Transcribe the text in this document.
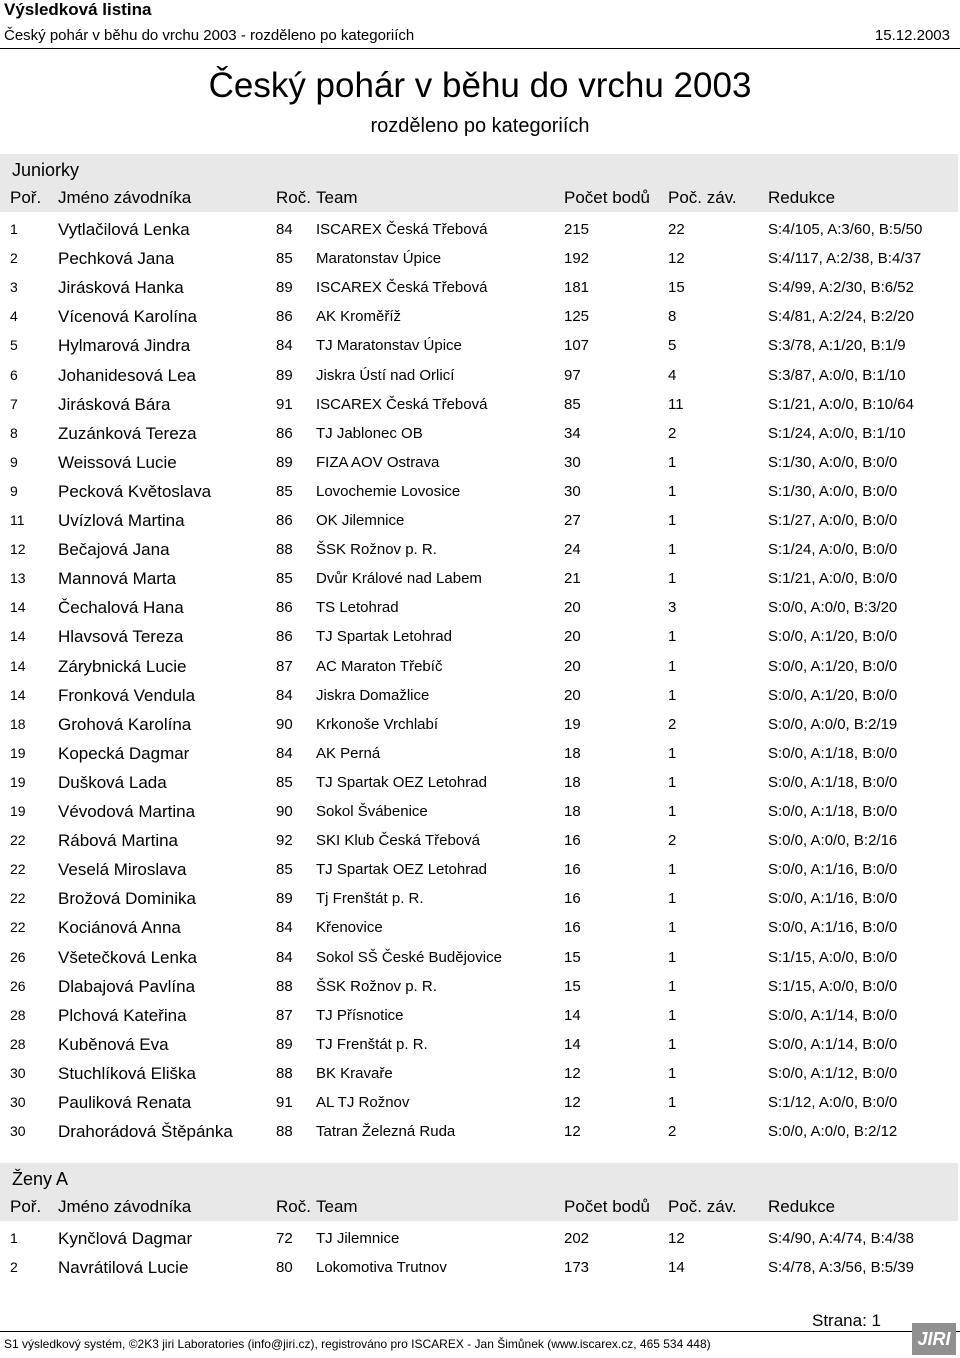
Výsledková listina
Český pohár v běhu do vrchu 2003 - rozděleno po kategoriích	15.12.2003
Český pohár v běhu do vrchu 2003
rozděleno po kategoriích
Juniorky
Poř. Jméno závodníka	Roč. Team	Počet bodů Poč. záv. Redukce
1 Vytlačilová Lenka	84 ISCAREX Česká Třebová	215	22	S:4/105, A:3/60, B:5/50
2 Pechková Jana	85 Maratonstav Úpice	192	12	S:4/117, A:2/38, B:4/37
3 Jirásková Hanka	89 ISCAREX Česká Třebová	181	15	S:4/99, A:2/30, B:6/52
4 Vícenová Karolína	86 AK Kroměříž	125	8	S:4/81, A:2/24, B:2/20
5 Hylmarová Jindra	84 TJ Maratonstav Úpice	107	5	S:3/78, A:1/20, B:1/9
6 Johanidesová Lea	89 Jiskra Ústí nad Orlicí	97	4	S:3/87, A:0/0, B:1/10
7 Jirásková Bára	91 ISCAREX Česká Třebová	85	11	S:1/21, A:0/0, B:10/64
8 Zuzánková Tereza	86 TJ Jablonec OB	34	2	S:1/24, A:0/0, B:1/10
9 Weissová Lucie	89 FIZA AOV Ostrava	30	1	S:1/30, A:0/0, B:0/0
9 Pecková Květoslava	85 Lovochemie Lovosice	30	1	S:1/30, A:0/0, B:0/0
11 Uvízlová Martina	86 OK Jilemnice	27	1	S:1/27, A:0/0, B:0/0
12 Bečajová Jana	88 ŠSK Rožnov p. R.	24	1	S:1/24, A:0/0, B:0/0
13 Mannová Marta	85 Dvůr Králové nad Labem	21	1	S:1/21, A:0/0, B:0/0
14 Čechalová Hana	86 TS Letohrad	20	3	S:0/0, A:0/0, B:3/20
14 Hlavsová Tereza	86 TJ Spartak Letohrad	20	1	S:0/0, A:1/20, B:0/0
14 Zárybnická Lucie	87 AC Maraton Třebíč	20	1	S:0/0, A:1/20, B:0/0
14 Fronková Vendula	84 Jiskra Domažlice	20	1	S:0/0, A:1/20, B:0/0
18 Grohová Karolína	90 Krkonoše Vrchlabí	19	2	S:0/0, A:0/0, B:2/19
19 Kopecká Dagmar	84 AK Perná	18	1	S:0/0, A:1/18, B:0/0
19 Dušková Lada	85 TJ Spartak OEZ Letohrad	18	1	S:0/0, A:1/18, B:0/0
19 Vévodová Martina	90 Sokol Švábenice	18	1	S:0/0, A:1/18, B:0/0
22 Rábová Martina	92 SKI Klub Česká Třebová	16	2	S:0/0, A:0/0, B:2/16
22 Veselá Miroslava	85 TJ Spartak OEZ Letohrad	16	1	S:0/0, A:1/16, B:0/0
22 Brožová Dominika	89 Tj Frenštát p. R.	16	1	S:0/0, A:1/16, B:0/0
22 Kociánová Anna	84 Křenovice	16	1	S:0/0, A:1/16, B:0/0
26 Všetečková Lenka	84 Sokol SŠ České Budějovice	15	1	S:1/15, A:0/0, B:0/0
26 Dlabajová Pavlína	88 ŠSK Rožnov p. R.	15	1	S:1/15, A:0/0, B:0/0
28 Plchová Kateřina	87 TJ Přísnotice	14	1	S:0/0, A:1/14, B:0/0
28 Kuběnová Eva	89 TJ Frenštát p. R.	14	1	S:0/0, A:1/14, B:0/0
30 Stuchlíková Eliška	88 BK Kravaře	12	1	S:0/0, A:1/12, B:0/0
30 Pauliková Renata	91 AL TJ Rožnov	12	1	S:1/12, A:0/0, B:0/0
30 Drahorádová Štěpánka	88 Tatran Železná Ruda	12	2	S:0/0, A:0/0, B:2/12
Ženy A
Poř. Jméno závodníka	Roč. Team	Počet bodů Poč. záv. Redukce
1 Kynčlová Dagmar	72 TJ Jilemnice	202	12	S:4/90, A:4/74, B:4/38
2 Navrátilová Lucie	80 Lokomotiva Trutnov	173	14	S:4/78, A:3/56, B:5/39
Strana: 1
S1 výsledkový systém, ©2K3 jiri Laboratories (info@jiri.cz), registrováno pro ISCAREX - Jan Šimůnek (www.iscarex.cz, 465 534 448)	JIRI
